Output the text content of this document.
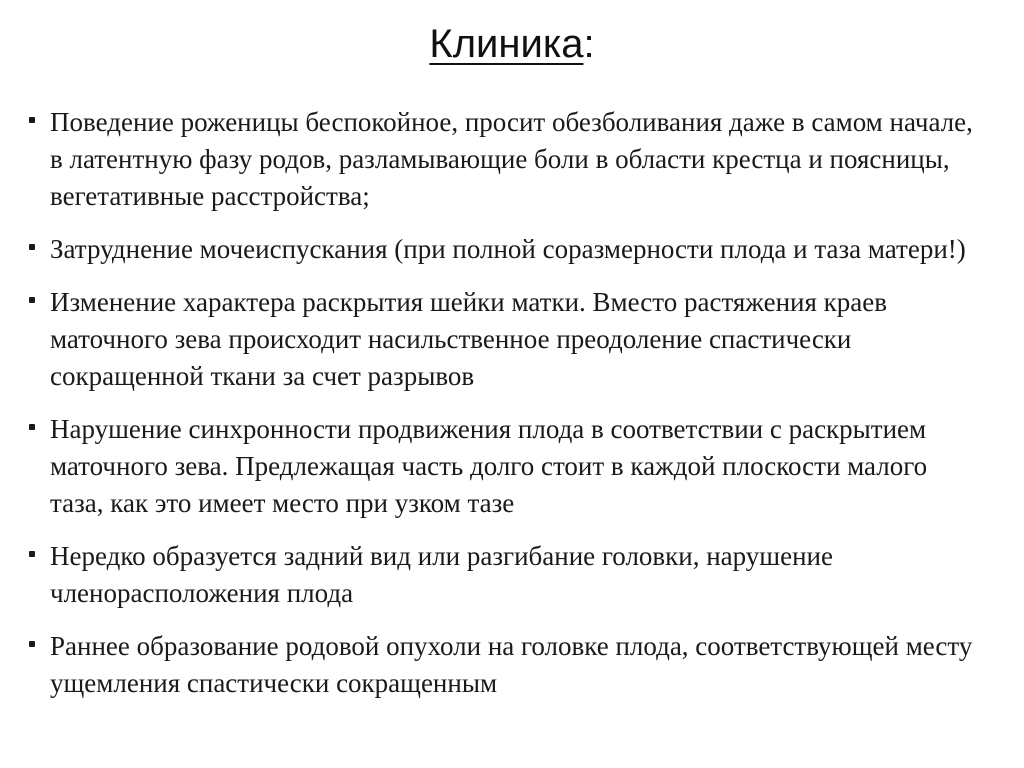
Клиника:
Поведение роженицы беспокойное, просит обезболивания даже в самом начале, в латентную фазу родов, разламывающие боли в области крестца и поясницы, вегетативные расстройства;
Затруднение мочеиспускания (при полной соразмерности плода и таза матери!)
Изменение характера раскрытия шейки матки. Вместо растяжения краев маточного зева происходит насильственное преодоление спастически сокращенной ткани за счет разрывов
Нарушение синхронности продвижения плода в соответствии с раскрытием маточного зева. Предлежащая часть долго стоит в каждой плоскости малого таза, как это имеет место при узком тазе
Нередко образуется задний вид или разгибание головки, нарушение членорасположения плода
Раннее образование родовой опухоли на головке плода, соответствующей месту ущемления спастически сокращенным
